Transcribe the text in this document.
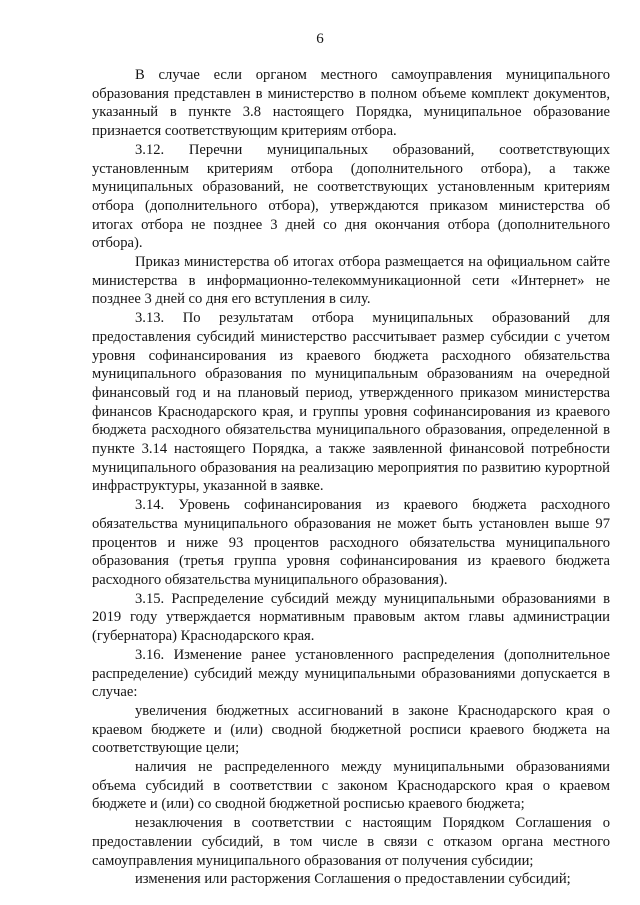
6

В случае если органом местного самоуправления муниципального образования представлен в министерство в полном объеме комплект документов, указанный в пункте 3.8 настоящего Порядка, муниципальное образование признается соответствующим критериям отбора.

3.12. Перечни муниципальных образований, соответствующих установленным критериям отбора (дополнительного отбора), а также муниципальных образований, не соответствующих установленным критериям отбора (дополнительного отбора), утверждаются приказом министерства об итогах отбора не позднее 3 дней со дня окончания отбора (дополнительного отбора).

Приказ министерства об итогах отбора размещается на официальном сайте министерства в информационно-телекоммуникационной сети «Интернет» не позднее 3 дней со дня его вступления в силу.

3.13. По результатам отбора муниципальных образований для предоставления субсидий министерство рассчитывает размер субсидии с учетом уровня софинансирования из краевого бюджета расходного обязательства муниципального образования по муниципальным образованиям на очередной финансовый год и на плановый период, утвержденного приказом министерства финансов Краснодарского края, и группы уровня софинансирования из краевого бюджета расходного обязательства муниципального образования, определенной в пункте 3.14 настоящего Порядка, а также заявленной финансовой потребности муниципального образования на реализацию мероприятия по развитию курортной инфраструктуры, указанной в заявке.

3.14. Уровень софинансирования из краевого бюджета расходного обязательства муниципального образования не может быть установлен выше 97 процентов и ниже 93 процентов расходного обязательства муниципального образования (третья группа уровня софинансирования из краевого бюджета расходного обязательства муниципального образования).

3.15. Распределение субсидий между муниципальными образованиями в 2019 году утверждается нормативным правовым актом главы администрации (губернатора) Краснодарского края.

3.16. Изменение ранее установленного распределения (дополнительное распределение) субсидий между муниципальными образованиями допускается в случае:

увеличения бюджетных ассигнований в законе Краснодарского края о краевом бюджете и (или) сводной бюджетной росписи краевого бюджета на соответствующие цели;

наличия не распределенного между муниципальными образованиями объема субсидий в соответствии с законом Краснодарского края о краевом бюджете и (или) со сводной бюджетной росписью краевого бюджета;

незаключения в соответствии с настоящим Порядком Соглашения о предоставлении субсидий, в том числе в связи с отказом органа местного самоуправления муниципального образования от получения субсидии;

изменения или расторжения Соглашения о предоставлении субсидий;
